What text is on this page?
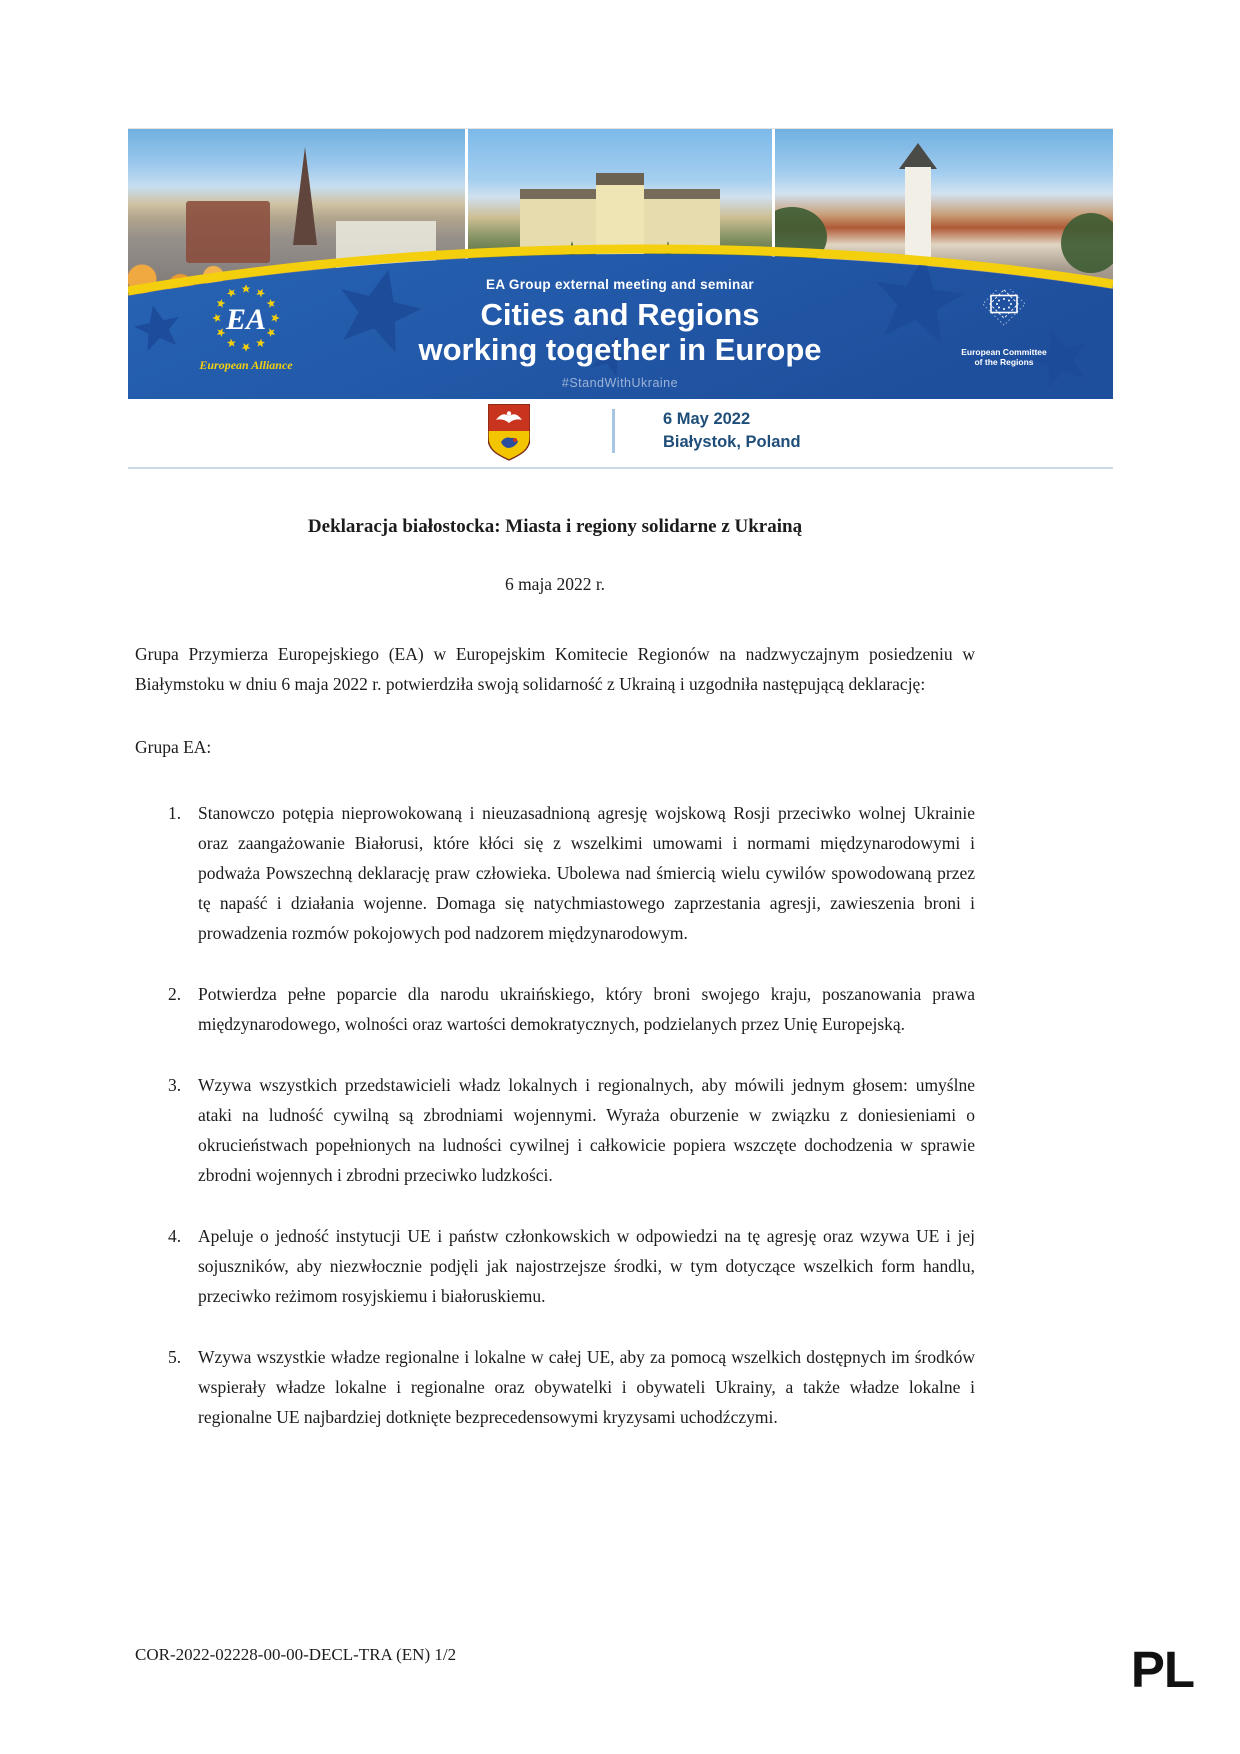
EA
European Alliance
EA Group external meeting and seminar
Cities and Regions
working together in Europe
#StandWithUkraine
European Committee
of the Regions
6 May 2022
Białystok, Poland
Deklaracja białostocka: Miasta i regiony solidarne z Ukrainą
6 maja 2022 r.

Grupa Przymierza Europejskiego (EA) w Europejskim Komitecie Regionów na nadzwyczajnym posiedzeniu w Białymstoku w dniu 6 maja 2022 r. potwierdziła swoją solidarność z Ukrainą i uzgodniła następującą deklarację:

Grupa EA:
1. Stanowczo potępia nieprowokowaną i nieuzasadnioną agresję wojskową Rosji przeciwko wolnej Ukrainie oraz zaangażowanie Białorusi, które kłóci się z wszelkimi umowami i normami międzynarodowymi i podważa Powszechną deklarację praw człowieka. Ubolewa nad śmiercią wielu cywilów spowodowaną przez tę napaść i działania wojenne. Domaga się natychmiastowego zaprzestania agresji, zawieszenia broni i prowadzenia rozmów pokojowych pod nadzorem międzynarodowym.
2. Potwierdza pełne poparcie dla narodu ukraińskiego, który broni swojego kraju, poszanowania prawa międzynarodowego, wolności oraz wartości demokratycznych, podzielanych przez Unię Europejską.
3. Wzywa wszystkich przedstawicieli władz lokalnych i regionalnych, aby mówili jednym głosem: umyślne ataki na ludność cywilną są zbrodniami wojennymi. Wyraża oburzenie w związku z doniesieniami o okrucieństwach popełnionych na ludności cywilnej i całkowicie popiera wszczęte dochodzenia w sprawie zbrodni wojennych i zbrodni przeciwko ludzkości.
4. Apeluje o jedność instytucji UE i państw członkowskich w odpowiedzi na tę agresję oraz wzywa UE i jej sojuszników, aby niezwłocznie podjęli jak najostrzejsze środki, w tym dotyczące wszelkich form handlu, przeciwko reżimom rosyjskiemu i białoruskiemu.
5. Wzywa wszystkie władze regionalne i lokalne w całej UE, aby za pomocą wszelkich dostępnych im środków wspierały władze lokalne i regionalne oraz obywatelki i obywateli Ukrainy, a także władze lokalne i regionalne UE najbardziej dotknięte bezprecedensowymi kryzysami uchodźczymi.
COR-2022-02228-00-00-DECL-TRA (EN) 1/2	PL
